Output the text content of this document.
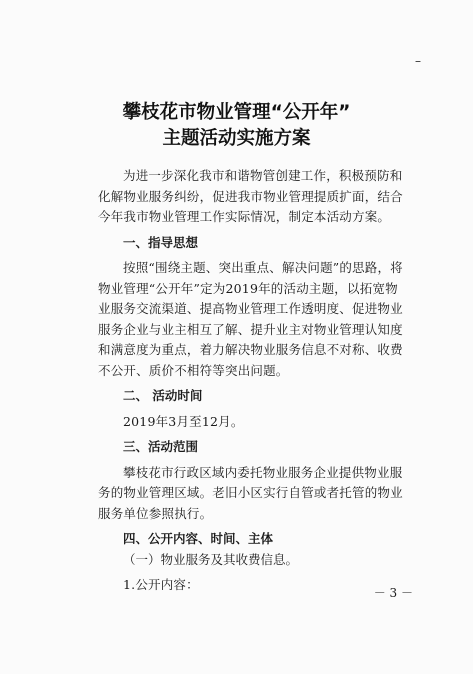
–
攀枝花市物业管理“公开年”
主题活动实施方案

为进一步深化我市和谐物管创建工作，积极预防和化解物业服务纠纷，促进我市物业管理提质扩面，结合今年我市物业管理工作实际情况，制定本活动方案。

一、指导思想

按照“围绕主题、突出重点、解决问题”的思路，将物业管理“公开年”定为2019年的活动主题，以拓宽物业服务交流渠道、提高物业管理工作透明度、促进物业服务企业与业主相互了解、提升业主对物业管理认知度和满意度为重点，着力解决物业服务信息不对称、收费不公开、质价不相符等突出问题。

二、 活动时间

2019年3月至12月。

三、活动范围

攀枝花市行政区域内委托物业服务企业提供物业服务的物业管理区域。老旧小区实行自管或者托管的物业服务单位参照执行。

四、公开内容、时间、主体

（一）物业服务及其收费信息。

1.公开内容：

－ 3 －
